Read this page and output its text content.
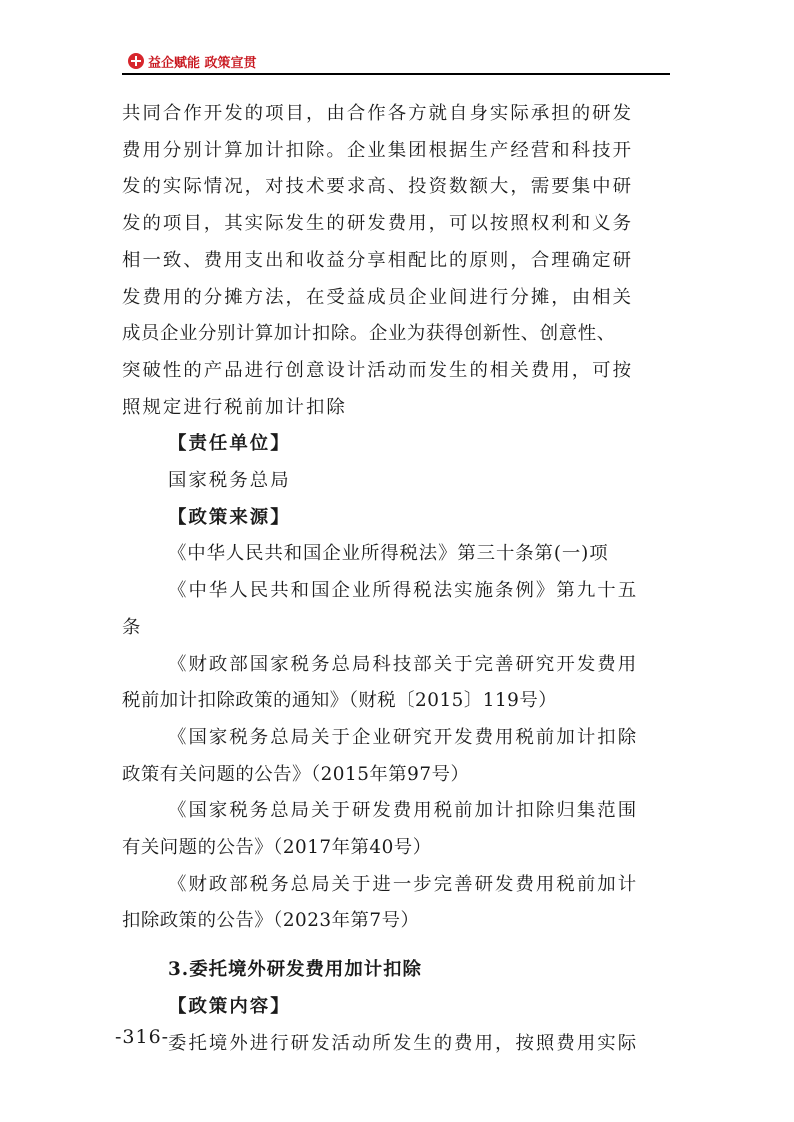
益企赋能 政策宣贯
共同合作开发的项目，由合作各方就自身实际承担的研发
费用分别计算加计扣除。企业集团根据生产经营和科技开
发的实际情况，对技术要求高、投资数额大，需要集中研
发的项目，其实际发生的研发费用，可以按照权利和义务
相一致、费用支出和收益分享相配比的原则，合理确定研
发费用的分摊方法，在受益成员企业间进行分摊，由相关
成员企业分别计算加计扣除。企业为获得创新性、创意性、
突破性的产品进行创意设计活动而发生的相关费用，可按
照规定进行税前加计扣除
【责任单位】
国家税务总局
【政策来源】
《中华人民共和国企业所得税法》第三十条第(一)项
《中华人民共和国企业所得税法实施条例》第九十五
条
《财政部国家税务总局科技部关于完善研究开发费用
税前加计扣除政策的通知》（财税〔2015〕119号）
《国家税务总局关于企业研究开发费用税前加计扣除
政策有关问题的公告》（2015年第97号）
《国家税务总局关于研发费用税前加计扣除归集范围
有关问题的公告》（2017年第40号）
《财政部税务总局关于进一步完善研发费用税前加计
扣除政策的公告》（2023年第7号）
3.委托境外研发费用加计扣除
【政策内容】
委托境外进行研发活动所发生的费用，按照费用实际
-316-
